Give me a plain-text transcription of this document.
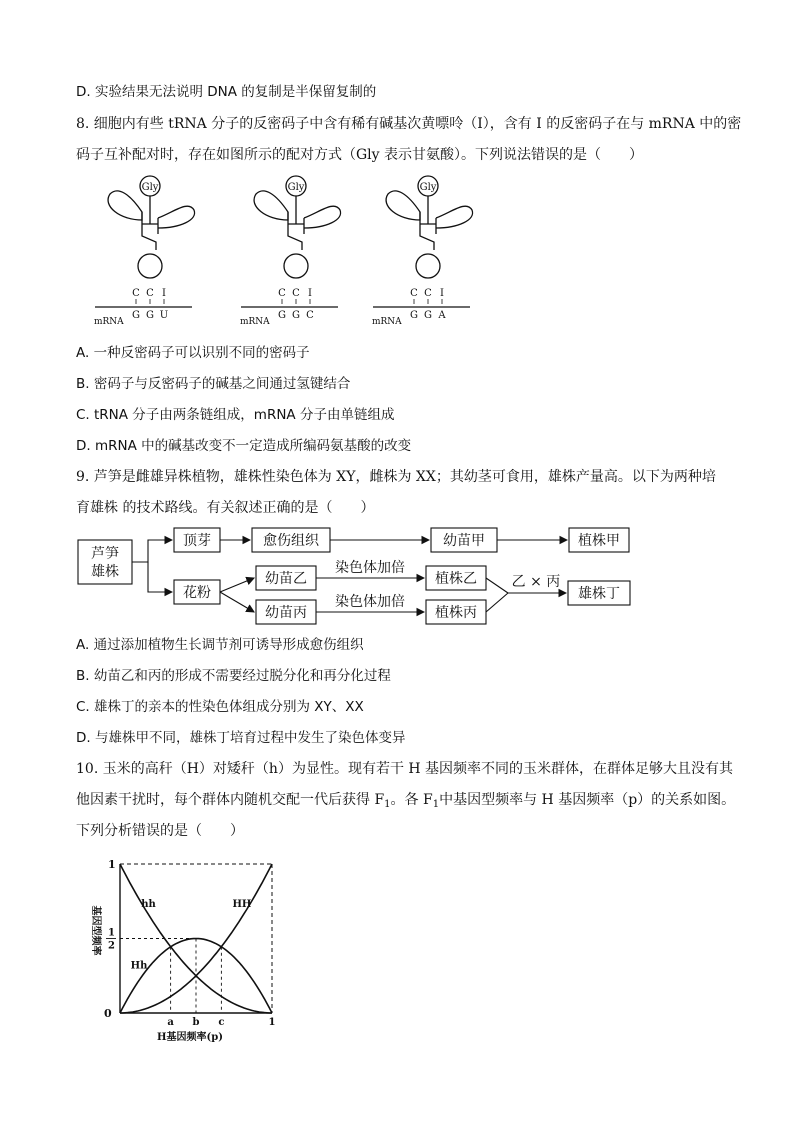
D. 实验结果无法说明 DNA 的复制是半保留复制的
8. 细胞内有些 tRNA 分子的反密码子中含有稀有碱基次黄嘌呤（I），含有 I 的反密码子在与 mRNA 中的密
码子互补配对时，存在如图所示的配对方式（Gly 表示甘氨酸）。下列说法错误的是（　　）
Gly
C C I
G G U
mRNA
Gly
C C I
G G C
mRNA
Gly
C C I
G G A
mRNA
A. 一种反密码子可以识别不同的密码子
B. 密码子与反密码子的碱基之间通过氢键结合
C. tRNA 分子由两条链组成，mRNA 分子由单链组成
D. mRNA 中的碱基改变不一定造成所编码氨基酸的改变
9. 芦笋是雌雄异株植物，雄株性染色体为 XY，雌株为 XX；其幼茎可食用，雄株产量高。以下为两种培
育雄株 的技术路线。有关叙述正确的是（　　）
芦笋
雄株
顶芽	愈伤组织	幼苗甲	植株甲
花粉
幼苗乙
幼苗丙
染色体加倍
染色体加倍
植株乙
植株丙
乙 × 丙
雄株丁
A. 通过添加植物生长调节剂可诱导形成愈伤组织
B. 幼苗乙和丙的形成不需要经过脱分化和再分化过程
C. 雄株丁的亲本的性染色体组成分别为 XY、XX
D. 与雄株甲不同，雄株丁培育过程中发生了染色体变异
10. 玉米的高秆（H）对矮秆（h）为显性。现有若干 H 基因频率不同的玉米群体，在群体足够大且没有其
他因素干扰时，每个群体内随机交配一代后获得 $F_1$。各 $F_1$中基因型频率与 H 基因频率（p）的关系如图。
下列分析错误的是（　　）
hh	HH
Hh
1
0
1
2
a b c	1
H基因频率(p)
基因型频率
